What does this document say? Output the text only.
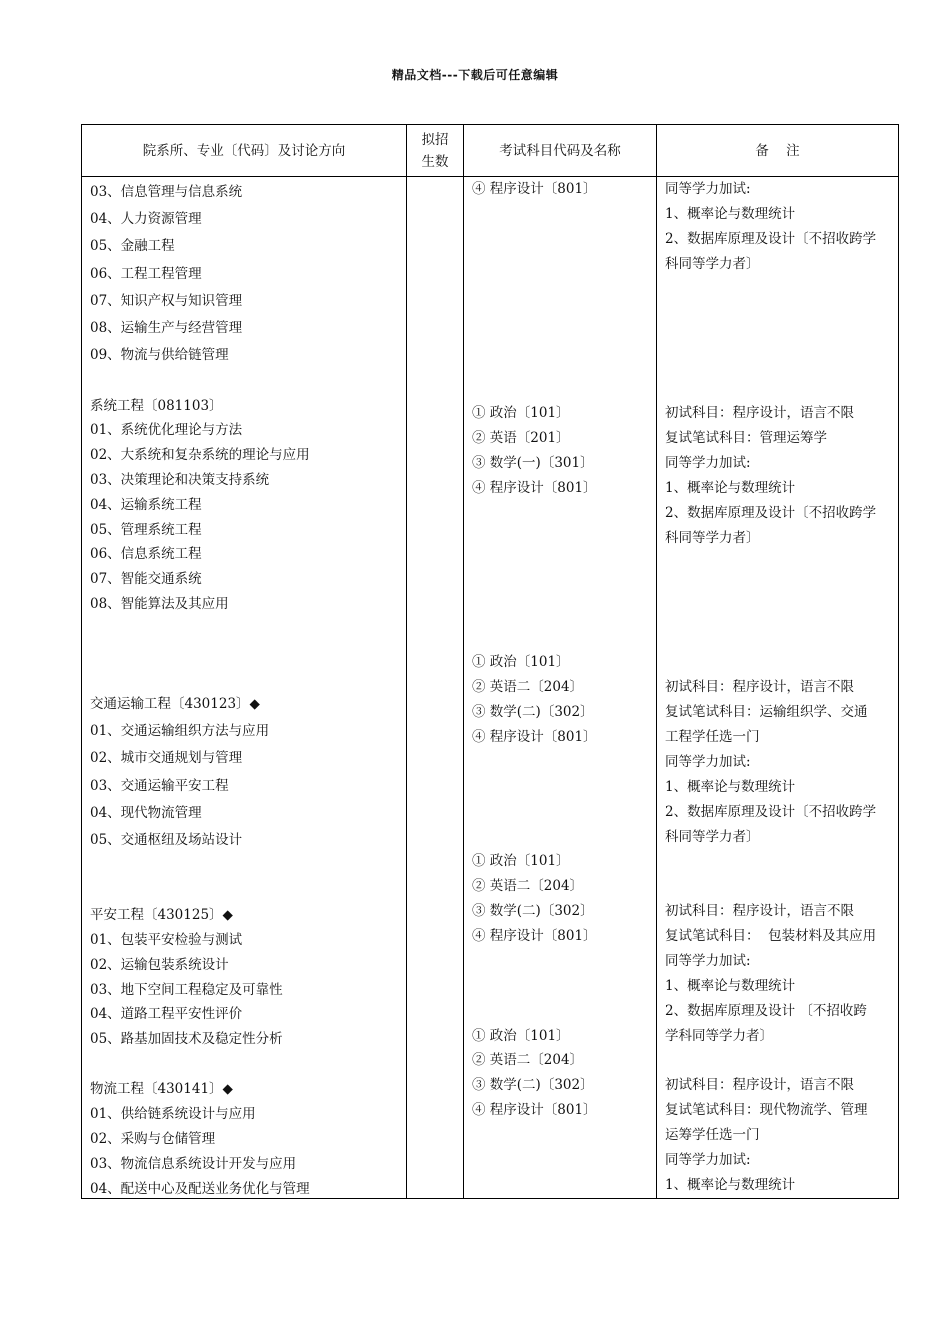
精品文档---下载后可任意编辑
院系所、专业〔代码〕及讨论方向
拟招
生数
考试科目代码及名称	备    注
03、信息管理与信息系统
04、人力资源管理
05、金融工程
06、工程工程管理
07、知识产权与知识管理
08、运输生产与经营管理
09、物流与供给链管理
系统工程〔081103〕
01、系统优化理论与方法
02、大系统和复杂系统的理论与应用
03、决策理论和决策支持系统
04、运输系统工程
05、管理系统工程
06、信息系统工程
07、智能交通系统
08、智能算法及其应用
交通运输工程〔430123〕◆
01、交通运输组织方法与应用
02、城市交通规划与管理
03、交通运输平安工程
04、现代物流管理
05、交通枢纽及场站设计
平安工程〔430125〕◆
01、包装平安检验与测试
02、运输包装系统设计
03、地下空间工程稳定及可靠性
04、道路工程平安性评价
05、路基加固技术及稳定性分析
物流工程〔430141〕◆
01、供给链系统设计与应用
02、采购与仓储管理
03、物流信息系统设计开发与应用
04、配送中心及配送业务优化与管理
④ 程序设计〔801〕
① 政治〔101〕
② 英语〔201〕
③ 数学(一)〔301〕
④ 程序设计〔801〕
① 政治〔101〕
② 英语二〔204〕
③ 数学(二)〔302〕
④ 程序设计〔801〕
① 政治〔101〕
② 英语二〔204〕
③ 数学(二)〔302〕
④ 程序设计〔801〕
① 政治〔101〕
② 英语二〔204〕
③ 数学(二)〔302〕
④ 程序设计〔801〕
同等学力加试:
1、概率论与数理统计
2、数据库原理及设计〔不招收跨学
科同等学力者〕
初试科目：程序设计，语言不限
复试笔试科目：管理运筹学
同等学力加试:
1、概率论与数理统计
2、数据库原理及设计〔不招收跨学
科同等学力者〕
初试科目：程序设计，语言不限
复试笔试科目：运输组织学、交通
工程学任选一门
同等学力加试:
1、概率论与数理统计
2、数据库原理及设计〔不招收跨学
科同等学力者〕
初试科目：程序设计，语言不限
复试笔试科目：  包装材料及其应用
同等学力加试:
1、概率论与数理统计
2、数据库原理及设计 〔不招收跨
学科同等学力者〕
初试科目：程序设计，语言不限
复试笔试科目：现代物流学、管理
运筹学任选一门
同等学力加试:
1、概率论与数理统计
